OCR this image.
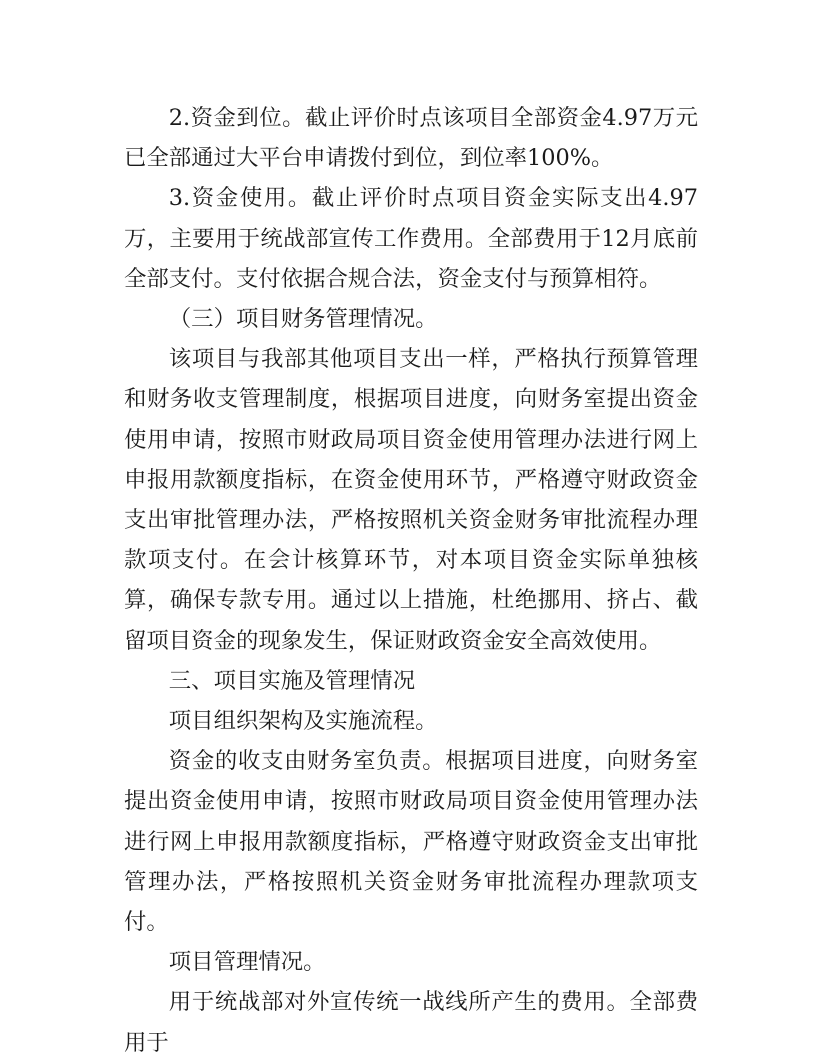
2.资金到位。截止评价时点该项目全部资金4.97万元已全部通过大平台申请拨付到位，到位率100%。

3.资金使用。截止评价时点项目资金实际支出4.97万，主要用于统战部宣传工作费用。全部费用于12月底前全部支付。支付依据合规合法，资金支付与预算相符。

（三）项目财务管理情况。

该项目与我部其他项目支出一样，严格执行预算管理和财务收支管理制度，根据项目进度，向财务室提出资金使用申请，按照市财政局项目资金使用管理办法进行网上申报用款额度指标，在资金使用环节，严格遵守财政资金支出审批管理办法，严格按照机关资金财务审批流程办理款项支付。在会计核算环节，对本项目资金实际单独核算，确保专款专用。通过以上措施，杜绝挪用、挤占、截留项目资金的现象发生，保证财政资金安全高效使用。

三、项目实施及管理情况

项目组织架构及实施流程。

资金的收支由财务室负责。根据项目进度，向财务室提出资金使用申请，按照市财政局项目资金使用管理办法进行网上申报用款额度指标，严格遵守财政资金支出审批管理办法，严格按照机关资金财务审批流程办理款项支付。

项目管理情况。

用于统战部对外宣传统一战线所产生的费用。全部费用于
